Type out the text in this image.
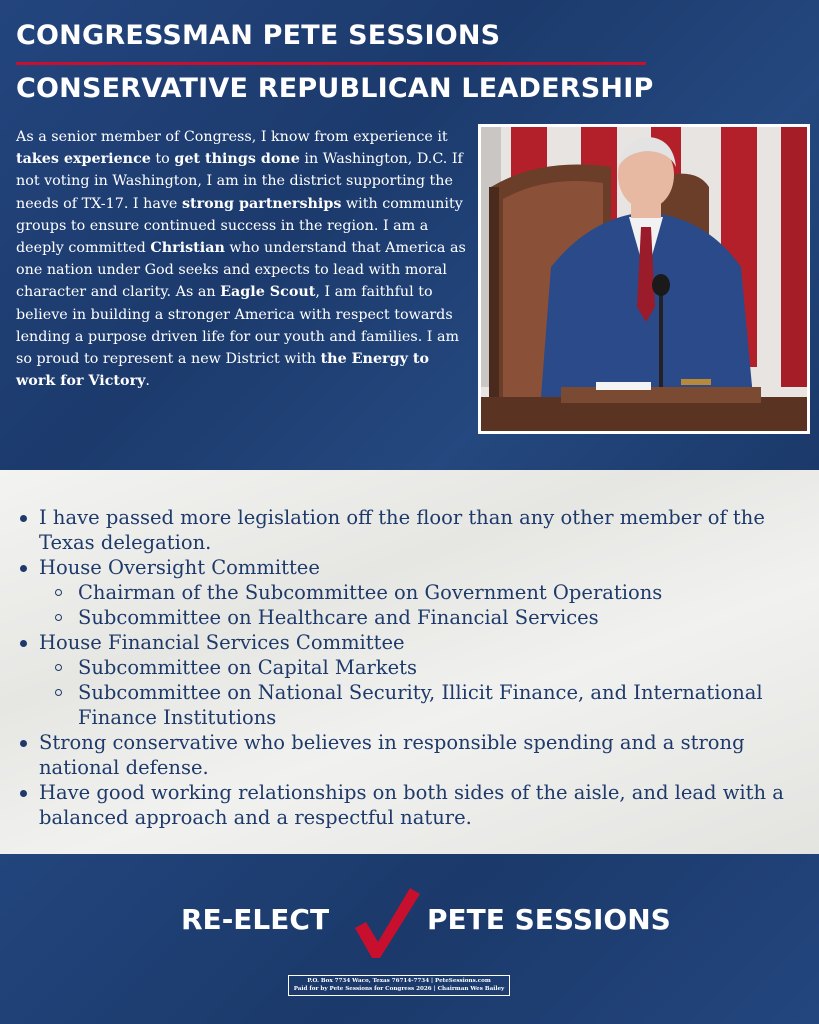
CONGRESSMAN PETE SESSIONS
CONSERVATIVE REPUBLICAN LEADERSHIP
As a senior member of Congress, I know from experience it takes experience to get things done in Washington, D.C. If not voting in Washington, I am in the district supporting the needs of TX-17. I have strong partnerships with community groups to ensure continued success in the region. I am a deeply committed Christian who understand that America as one nation under God seeks and expects to lead with moral character and clarity. As an Eagle Scout, I am faithful to believe in building a stronger America with respect towards lending a purpose driven life for our youth and families. I am so proud to represent a new District with the Energy to work for Victory.
I have passed more legislation off the floor than any other member of the Texas delegation.
House Oversight Committee
Chairman of the Subcommittee on Government Operations
Subcommittee on Healthcare and Financial Services
House Financial Services Committee
Subcommittee on Capital Markets
Subcommittee on National Security, Illicit Finance, and International Finance Institutions
Strong conservative who believes in responsible spending and a strong national defense.
Have good working relationships on both sides of the aisle, and lead with a balanced approach and a respectful nature.
RE-ELECT	PETE SESSIONS
P.O. Box 7734 Waco, Texas 76714-7734 | PeteSessions.com
Paid for by Pete Sessions for Congress 2026 | Chairman Wes Bailey
